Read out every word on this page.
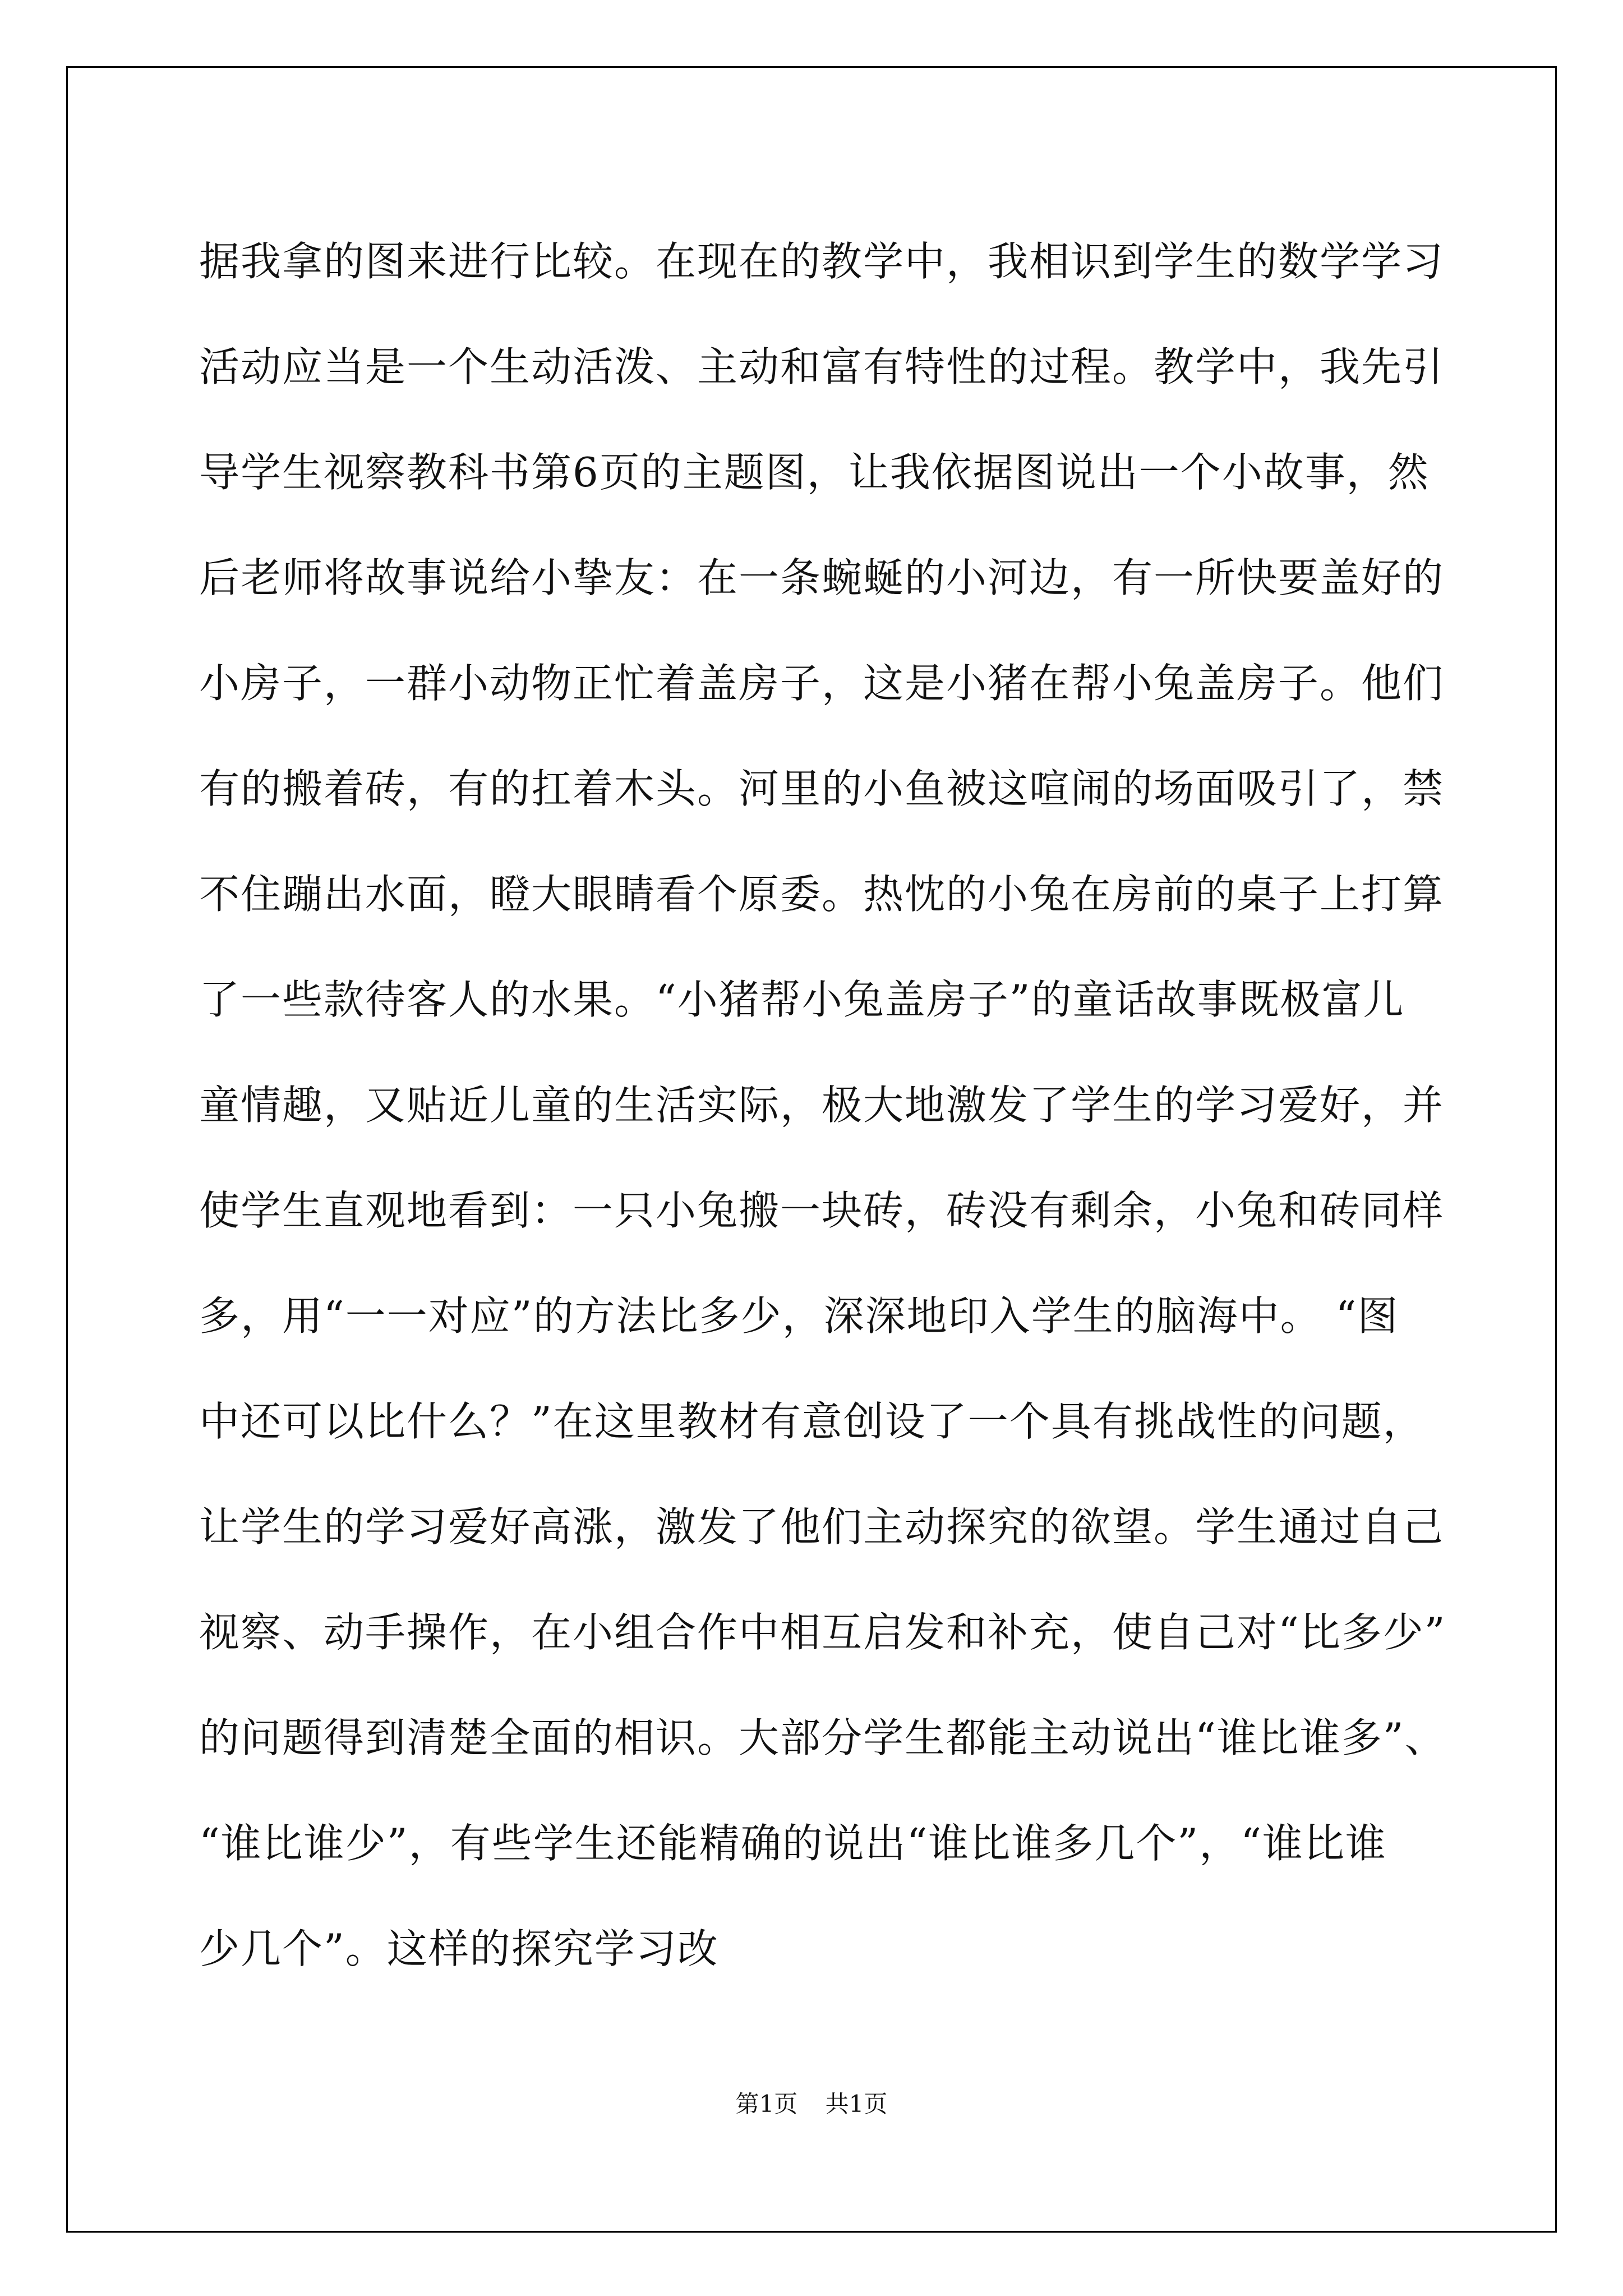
据我拿的图来进行比较。在现在的教学中，我相识到学生的数学学习
活动应当是一个生动活泼、主动和富有特性的过程。教学中，我先引
导学生视察教科书第6页的主题图，让我依据图说出一个小故事，然
后老师将故事说给小挚友：在一条蜿蜒的小河边，有一所快要盖好的
小房子，一群小动物正忙着盖房子，这是小猪在帮小兔盖房子。他们
有的搬着砖，有的扛着木头。河里的小鱼被这喧闹的场面吸引了，禁
不住蹦出水面，瞪大眼睛看个原委。热忱的小兔在房前的桌子上打算
了一些款待客人的水果。“小猪帮小兔盖房子”的童话故事既极富儿
童情趣，又贴近儿童的生活实际，极大地激发了学生的学习爱好，并
使学生直观地看到：一只小兔搬一块砖，砖没有剩余，小兔和砖同样
多，用“一一对应”的方法比多少，深深地印入学生的脑海中。 “图
中还可以比什么？”在这里教材有意创设了一个具有挑战性的问题，
让学生的学习爱好高涨，激发了他们主动探究的欲望。学生通过自己
视察、动手操作，在小组合作中相互启发和补充，使自己对“比多少”
的问题得到清楚全面的相识。大部分学生都能主动说出“谁比谁多”、
“谁比谁少”，有些学生还能精确的说出“谁比谁多几个”，“谁比谁
少几个”。这样的探究学习改
第1页 共1页
